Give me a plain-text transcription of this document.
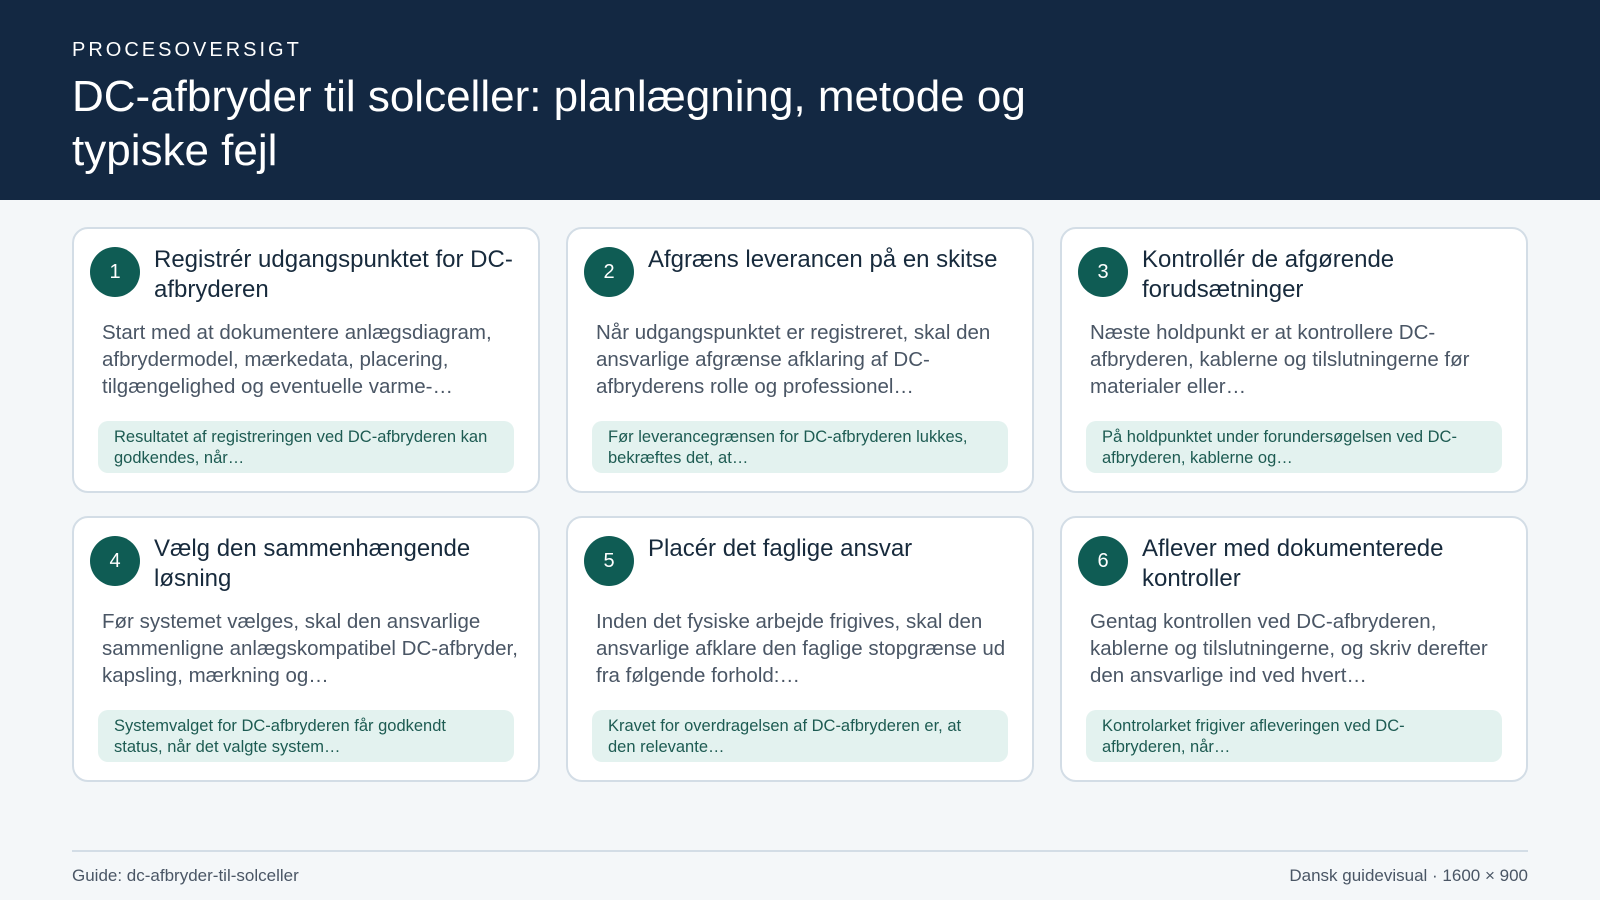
PROCESOVERSIGT

DC-afbryder til solceller: planlægning, metode og typiske fejl
1	Registrér udgangspunktet for DC-afbryderen
Start med at dokumentere anlægsdiagram, afbrydermodel, mærkedata, placering, tilgængelighed og eventuelle varme-…
Resultatet af registreringen ved DC-afbryderen kan godkendes, når…
2	Afgræns leverancen på en skitse
Når udgangspunktet er registreret, skal den ansvarlige afgrænse afklaring af DC-afbryderens rolle og professionel…
Før leverancegrænsen for DC-afbryderen lukkes, bekræftes det, at…
3	Kontrollér de afgørende forudsætninger
Næste holdpunkt er at kontrollere DC-afbryderen, kablerne og tilslutningerne før materialer eller…
På holdpunktet under forundersøgelsen ved DC-afbryderen, kablerne og…
4	Vælg den sammenhængende løsning
Før systemet vælges, skal den ansvarlige sammenligne anlægskompatibel DC-afbryder, kapsling, mærkning og…
Systemvalget for DC-afbryderen får godkendt status, når det valgte system…
5	Placér det faglige ansvar
Inden det fysiske arbejde frigives, skal den ansvarlige afklare den faglige stopgrænse ud fra følgende forhold:…
Kravet for overdragelsen af DC-afbryderen er, at den relevante…
6	Aflever med dokumenterede kontroller
Gentag kontrollen ved DC-afbryderen, kablerne og tilslutningerne, og skriv derefter den ansvarlige ind ved hvert…
Kontrolarket frigiver afleveringen ved DC-afbryderen, når…
Guide: dc-afbryder-til-solceller	Dansk guidevisual · 1600 × 900
